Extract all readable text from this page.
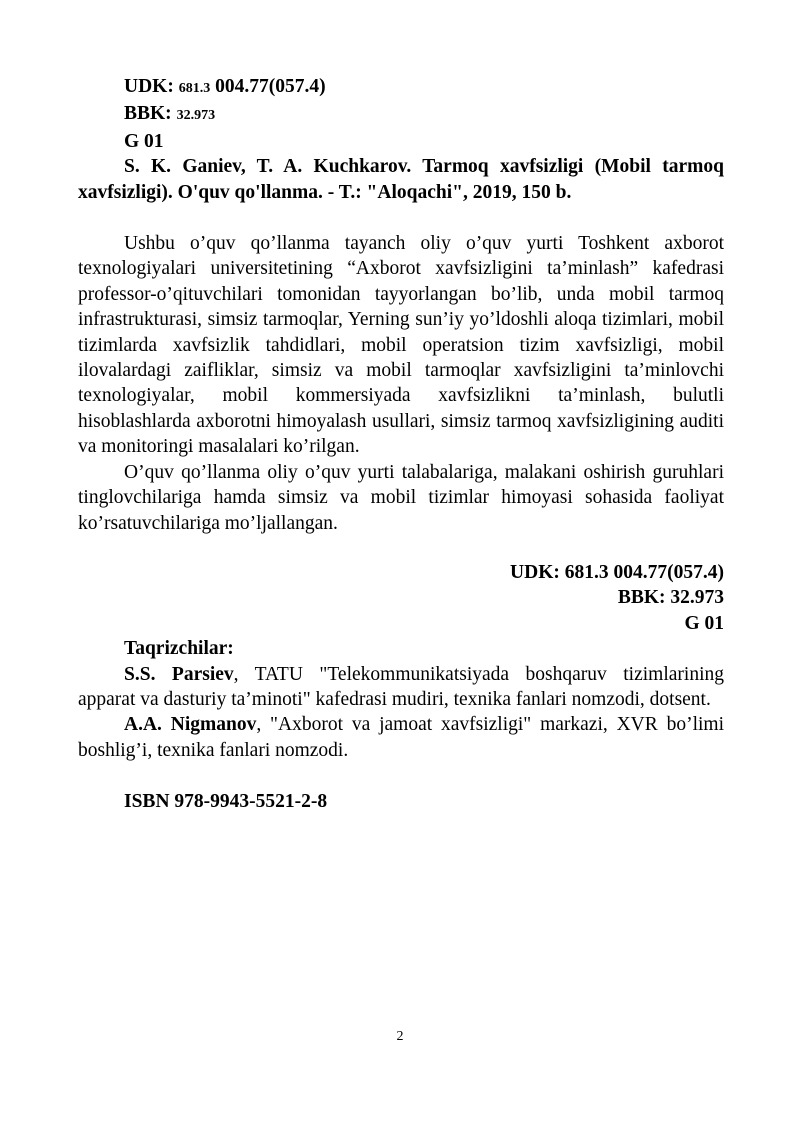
UDK: 681.3 004.77(057.4)

BBK: 32.973

G 01

S. K. Ganiev, T. A. Kuchkarov. Tarmoq xavfsizligi (Mobil tarmoq xavfsizligi). O'quv qo'llanma. - T.: "Aloqachi", 2019, 150 b.

Ushbu o’quv qo’llanma tayanch oliy o’quv yurti Toshkent axborot texnologiyalari universitetining “Axborot xavfsizligini ta’minlash” kafedrasi professor-o’qituvchilari tomonidan tayyorlangan bo’lib, unda mobil tarmoq infrastrukturasi, simsiz tarmoqlar, Yerning sun’iy yo’ldoshli aloqa tizimlari, mobil tizimlarda xavfsizlik tahdidlari, mobil operatsion tizim xavfsizligi, mobil ilovalardagi zaifliklar, simsiz va mobil tarmoqlar xavfsizligini ta’minlovchi texnologiyalar, mobil kommersiyada xavfsizlikni ta’minlash, bulutli hisoblashlarda axborotni himoyalash usullari, simsiz tarmoq xavfsizligining auditi va monitoringi masalalari ko’rilgan.

O’quv qo’llanma oliy o’quv yurti talabalariga, malakani oshirish guruhlari tinglovchilariga hamda simsiz va mobil tizimlar himoyasi sohasida faoliyat ko’rsatuvchilariga mo’ljallangan.

UDK: 681.3 004.77(057.4)

BBK: 32.973

G 01

Taqrizchilar:

S.S. Parsiev, TATU "Telekommunikatsiyada boshqaruv tizimlarining apparat va dasturiy ta’minoti" kafedrasi mudiri, texnika fanlari nomzodi, dotsent.

A.A. Nigmanov, "Axborot va jamoat xavfsizligi" markazi, XVR bo’limi boshlig’i, texnika fanlari nomzodi.

ISBN 978-9943-5521-2-8

2
